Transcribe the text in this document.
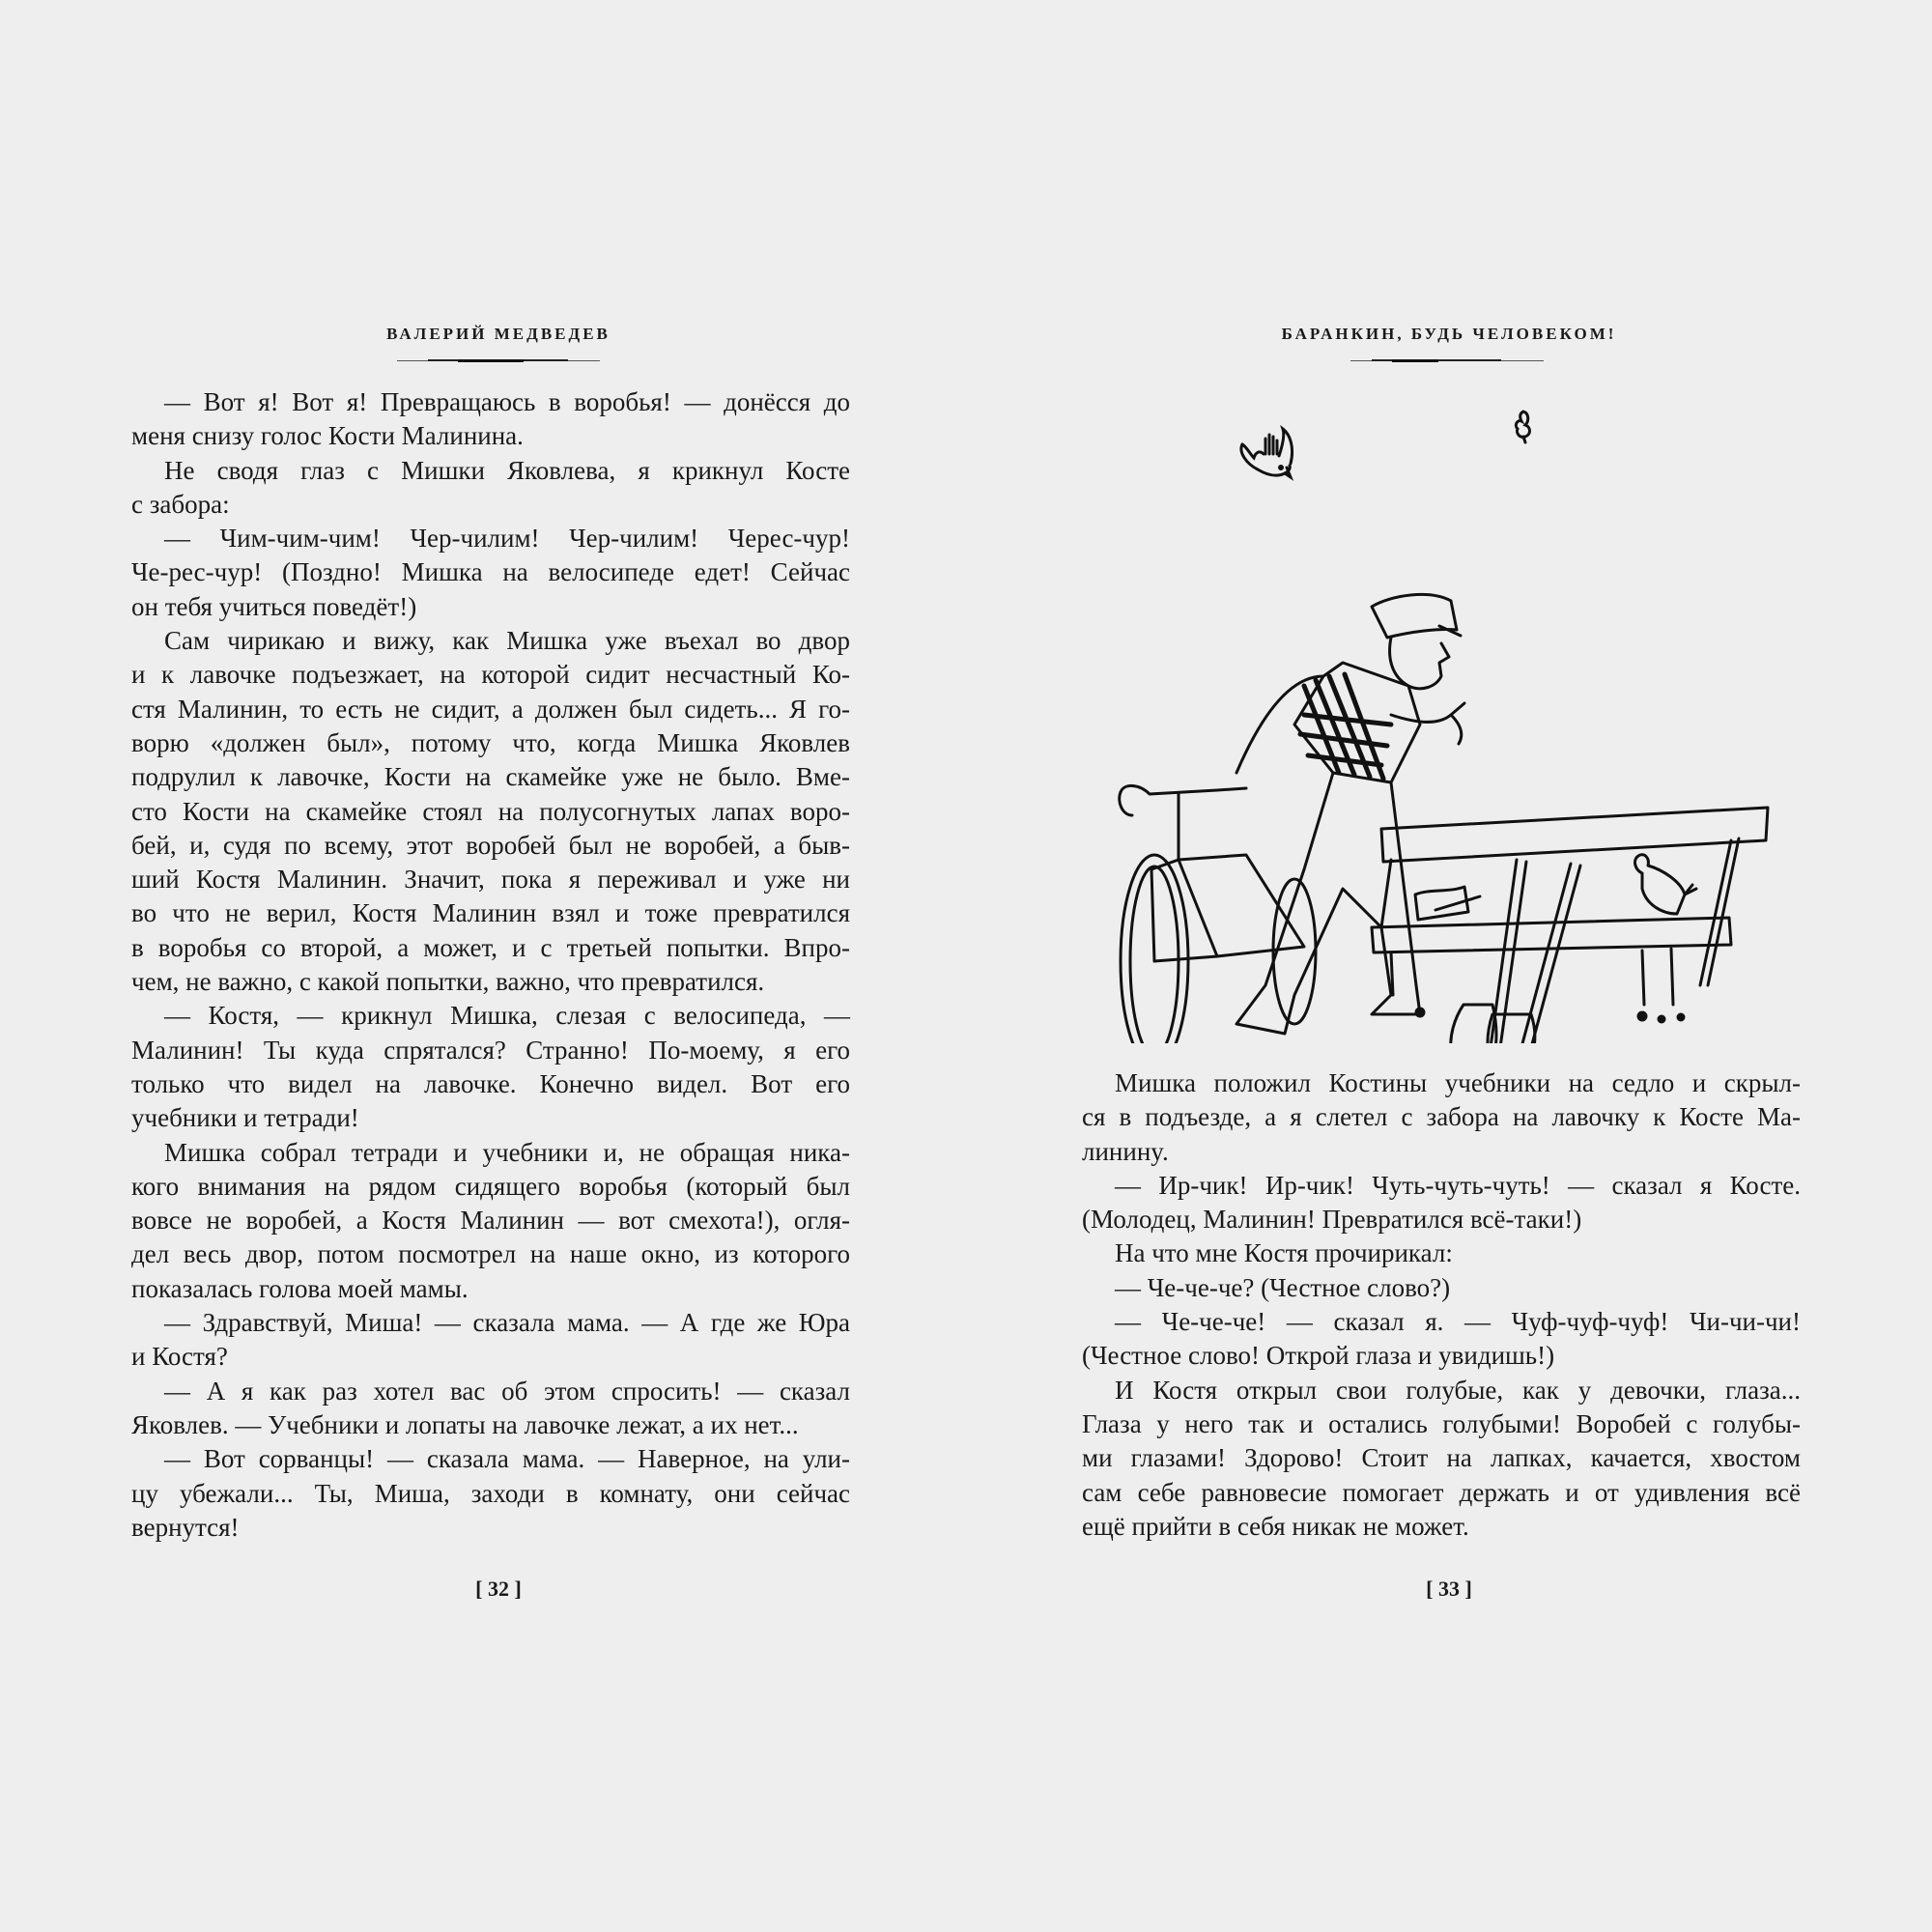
ВАЛЕРИЙ МЕДВЕДЕВ

— Вот я! Вот я! Превращаюсь в воробья! — донёсся до
меня снизу голос Кости Малинина.

Не сводя глаз с Мишки Яковлева, я крикнул Косте
с забора:

— Чим-чим-чим! Чер-чилим! Чер-чилим! Черес-чур!
Че-рес-чур! (Поздно! Мишка на велосипеде едет! Сейчас
он тебя учиться поведёт!)

Сам чирикаю и вижу, как Мишка уже въехал во двор
и к лавочке подъезжает, на которой сидит несчастный Ко-
стя Малинин, то есть не сидит, а должен был сидеть... Я го-
ворю «должен был», потому что, когда Мишка Яковлев
подрулил к лавочке, Кости на скамейке уже не было. Вме-
сто Кости на скамейке стоял на полусогнутых лапах воро-
бей, и, судя по всему, этот воробей был не воробей, а быв-
ший Костя Малинин. Значит, пока я переживал и уже ни
во что не верил, Костя Малинин взял и тоже превратился
в воробья со второй, а может, и с третьей попытки. Впро-
чем, не важно, с какой попытки, важно, что превратился.

— Костя, — крикнул Мишка, слезая с велосипеда, —
Малинин! Ты куда спрятался? Странно! По-моему, я его
только что видел на лавочке. Конечно видел. Вот его
учебники и тетради!

Мишка собрал тетради и учебники и, не обращая ника-
кого внимания на рядом сидящего воробья (который был
вовсе не воробей, а Костя Малинин — вот смехота!), огля-
дел весь двор, потом посмотрел на наше окно, из которого
показалась голова моей мамы.

— Здравствуй, Миша! — сказала мама. — А где же Юра
и Костя?

— А я как раз хотел вас об этом спросить! — сказал
Яковлев. — Учебники и лопаты на лавочке лежат, а их нет...

— Вот сорванцы! — сказала мама. — Наверное, на ули-
цу убежали... Ты, Миша, заходи в комнату, они сейчас
вернутся!

[ 32 ]
БАРАНКИН, БУДЬ ЧЕЛОВЕКОМ!

Мишка положил Костины учебники на седло и скрыл-
ся в подъезде, а я слетел с забора на лавочку к Косте Ма-
лининy.

— Ир-чик! Ир-чик! Чуть-чуть-чуть! — сказал я Косте.
(Молодец, Малинин! Превратился всё-таки!)

На что мне Костя прочирикал:

— Че-че-че? (Честное слово?)

— Че-че-че! — сказал я. — Чуф-чуф-чуф! Чи-чи-чи!
(Честное слово! Открой глаза и увидишь!)

И Костя открыл свои голубые, как у девочки, глаза...
Глаза у него так и остались голубыми! Воробей с голубы-
ми глазами! Здорово! Стоит на лапках, качается, хвостом
сам себе равновесие помогает держать и от удивления всё
ещё прийти в себя никак не может.

[ 33 ]
